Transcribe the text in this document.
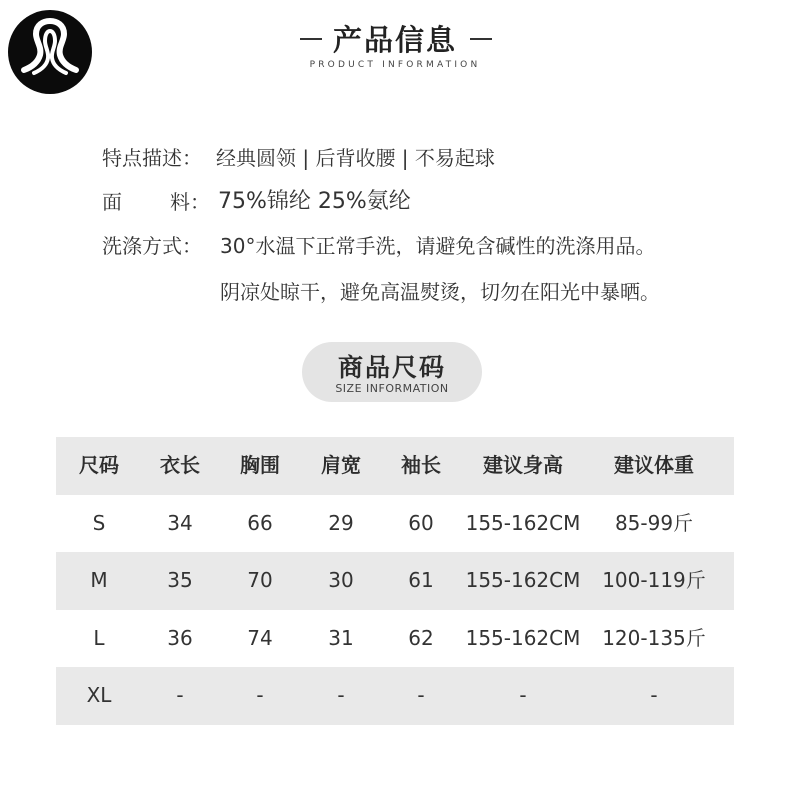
产品信息
PRODUCT INFORMATION
特点描述： 经典圆领 | 后背收腰 | 不易起球
面 料： 75%锦纶 25%氨纶
洗涤方式： 30°水温下正常手洗，请避免含碱性的洗涤用品。
阴凉处晾干，避免高温熨烫，切勿在阳光中暴晒。
商品尺码
SIZE INFORMATION
尺码	衣长	胸围	肩宽	袖长	建议身高	建议体重
S	34	66	29	60	155-162CM	85-99斤
M	35	70	30	61	155-162CM	100-119斤
L	36	74	31	62	155-162CM	120-135斤
XL	-	-	-	-	-	-
